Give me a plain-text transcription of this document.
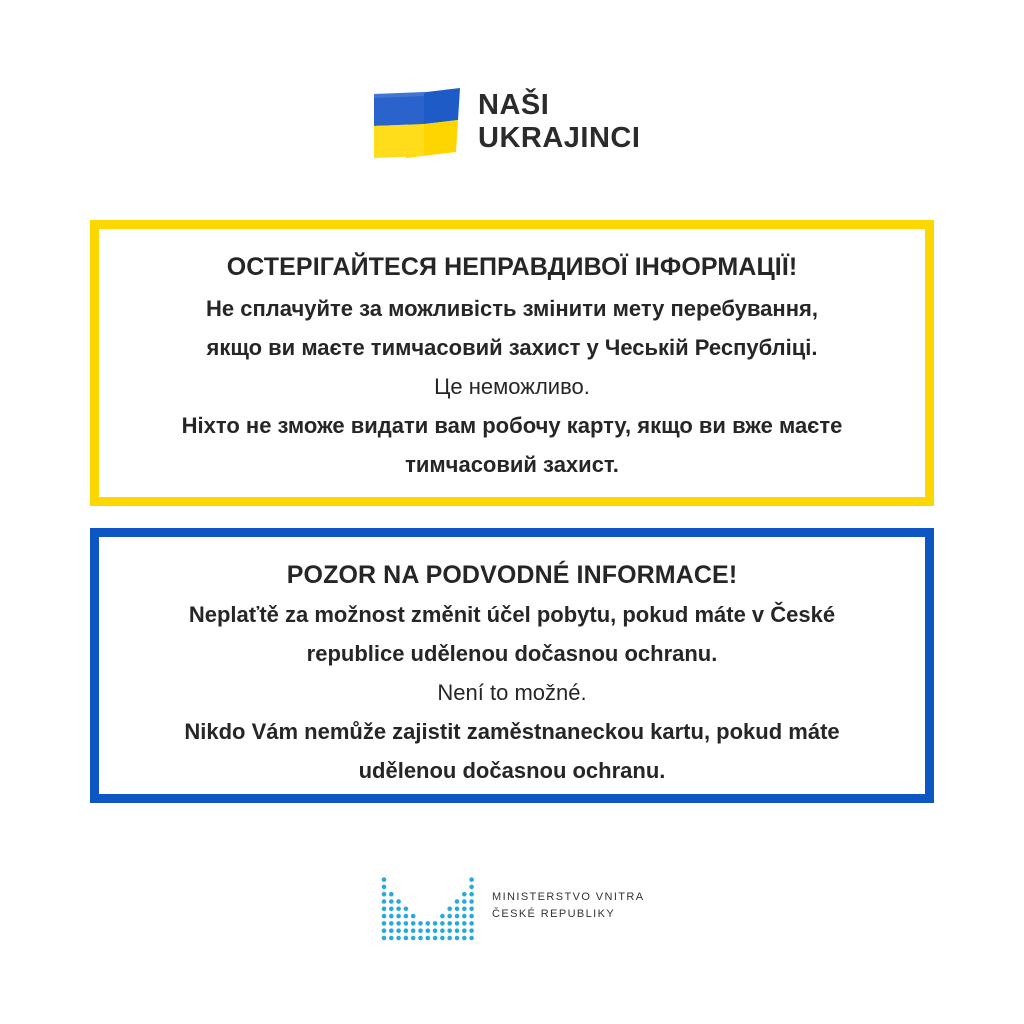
NAŠI
UKRAJINCI
ОСТЕРІГАЙТЕСЯ НЕПРАВДИВОЇ ІНФОРМАЦІЇ!
Не сплачуйте за можливість змінити мету перебування,
якщо ви маєте тимчасовий захист у Чеській Республіці.
Це неможливо.
Ніхто не зможе видати вам робочу карту, якщо ви вже маєте
тимчасовий захист.
POZOR NA PODVODNÉ INFORMACE!
Neplaťtě za možnost změnit účel pobytu, pokud máte v České
republice udělenou dočasnou ochranu.
Není to možné.
Nikdo Vám nemůže zajistit zaměstnaneckou kartu, pokud máte
udělenou dočasnou ochranu.
MINISTERSTVO VNITRA
ČESKÉ REPUBLIKY
